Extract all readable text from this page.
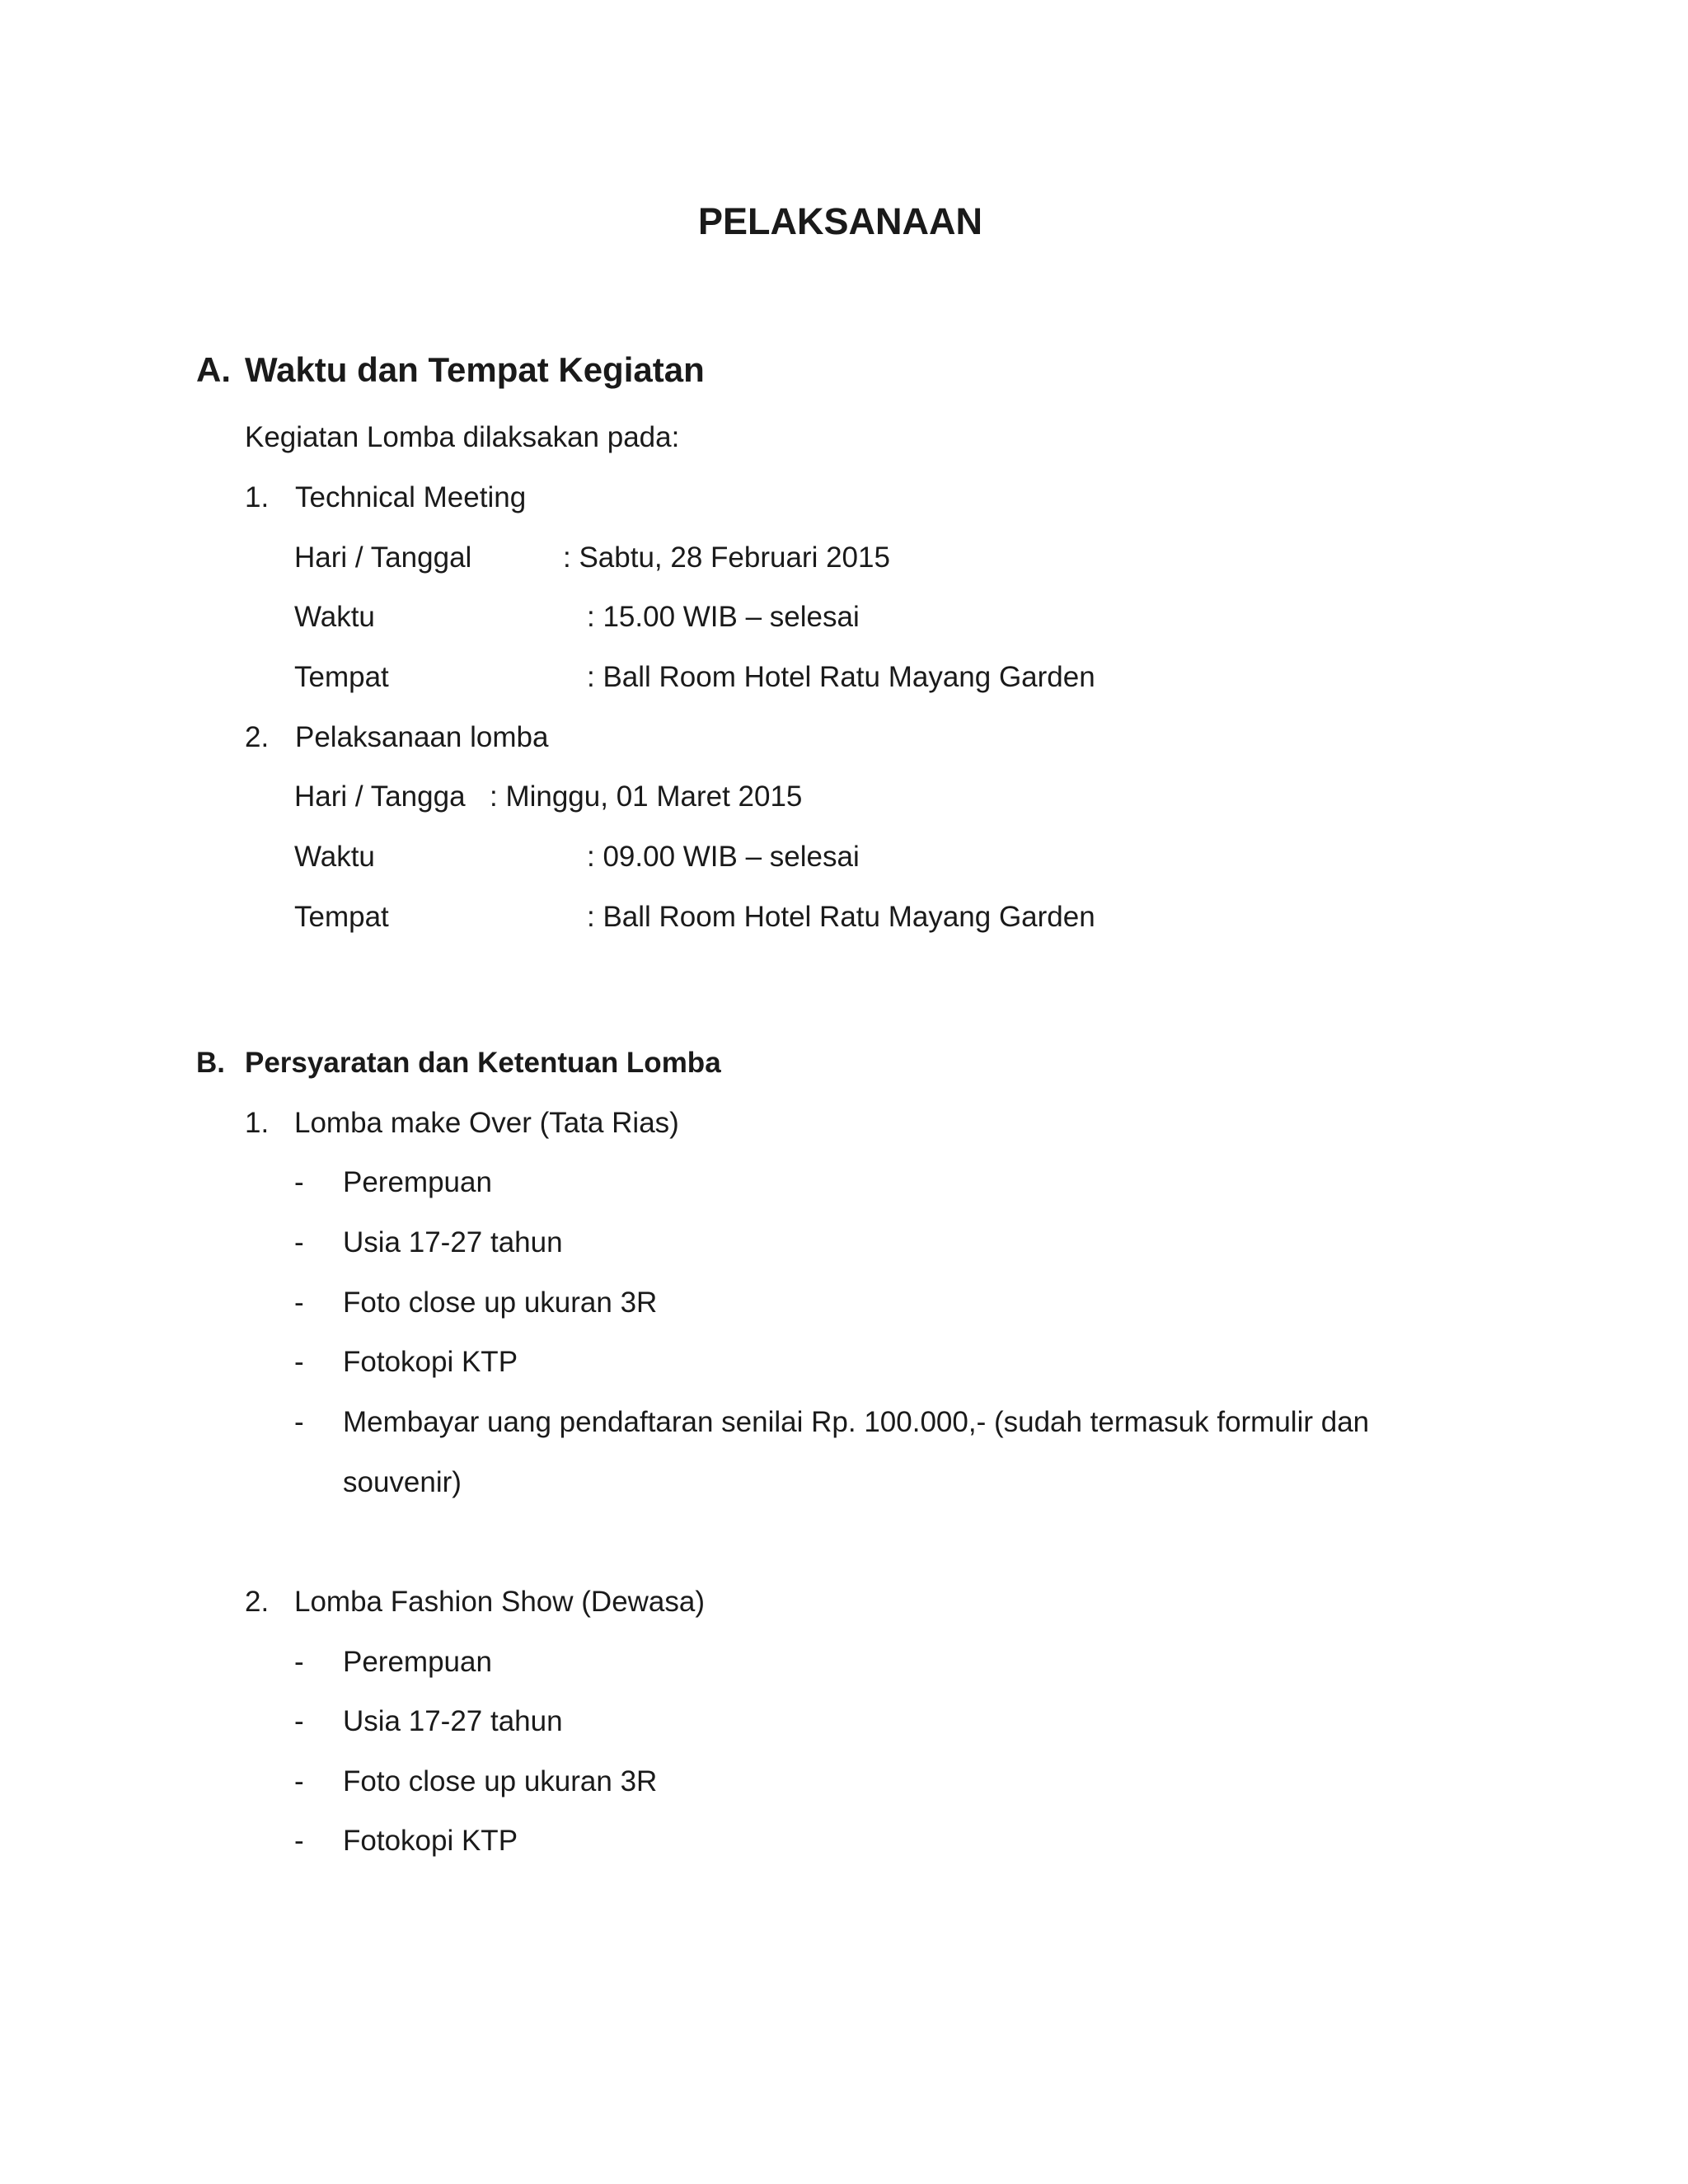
PELAKSANAAN
A. Waktu dan Tempat Kegiatan
Kegiatan Lomba dilaksakan pada:
1. Technical Meeting
Hari / Tanggal	: Sabtu, 28 Februari 2015
Waktu	: 15.00 WIB – selesai
Tempat	: Ball Room Hotel Ratu Mayang Garden
2. Pelaksanaan lomba
Hari / Tangga : Minggu, 01 Maret 2015
Waktu	: 09.00 WIB – selesai
Tempat	: Ball Room Hotel Ratu Mayang Garden
B. Persyaratan dan Ketentuan Lomba
1. Lomba make Over (Tata Rias)
- Perempuan
- Usia 17-27 tahun
- Foto close up ukuran 3R
- Fotokopi KTP
- Membayar uang pendaftaran senilai Rp. 100.000,- (sudah termasuk formulir dan
souvenir)
2. Lomba Fashion Show (Dewasa)
- Perempuan
- Usia 17-27 tahun
- Foto close up ukuran 3R
- Fotokopi KTP
